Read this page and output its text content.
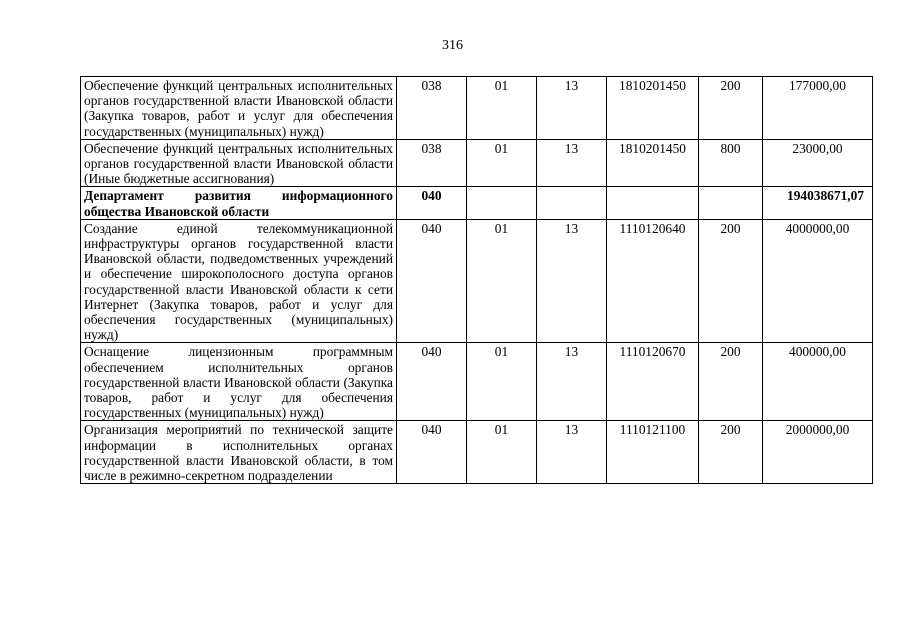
316
Обеспечение функций центральных исполнительных органов государственной власти Ивановской области (Закупка товаров, работ и услуг для обеспечения государственных (муниципальных) нужд)	038	01	13	1810201450	200	177000,00
Обеспечение функций центральных исполнительных органов государственной власти Ивановской области (Иные бюджетные ассигнования)	038	01	13	1810201450	800	23000,00
Департамент развития информационного общества Ивановской области	040					194038671,07
Создание единой телекоммуникационной инфраструктуры органов государственной власти Ивановской области, подведомственных учреждений и обеспечение широкополосного доступа органов государственной власти Ивановской области к сети Интернет (Закупка товаров, работ и услуг для обеспечения государственных (муниципальных) нужд)	040	01	13	1110120640	200	4000000,00
Оснащение лицензионным программным обеспечением исполнительных органов государственной власти Ивановской области (Закупка товаров, работ и услуг для обеспечения государственных (муниципальных) нужд)	040	01	13	1110120670	200	400000,00
Организация мероприятий по технической защите информации в исполнительных органах государственной власти Ивановской области, в том числе в режимно-секретном подразделении	040	01	13	1110121100	200	2000000,00
